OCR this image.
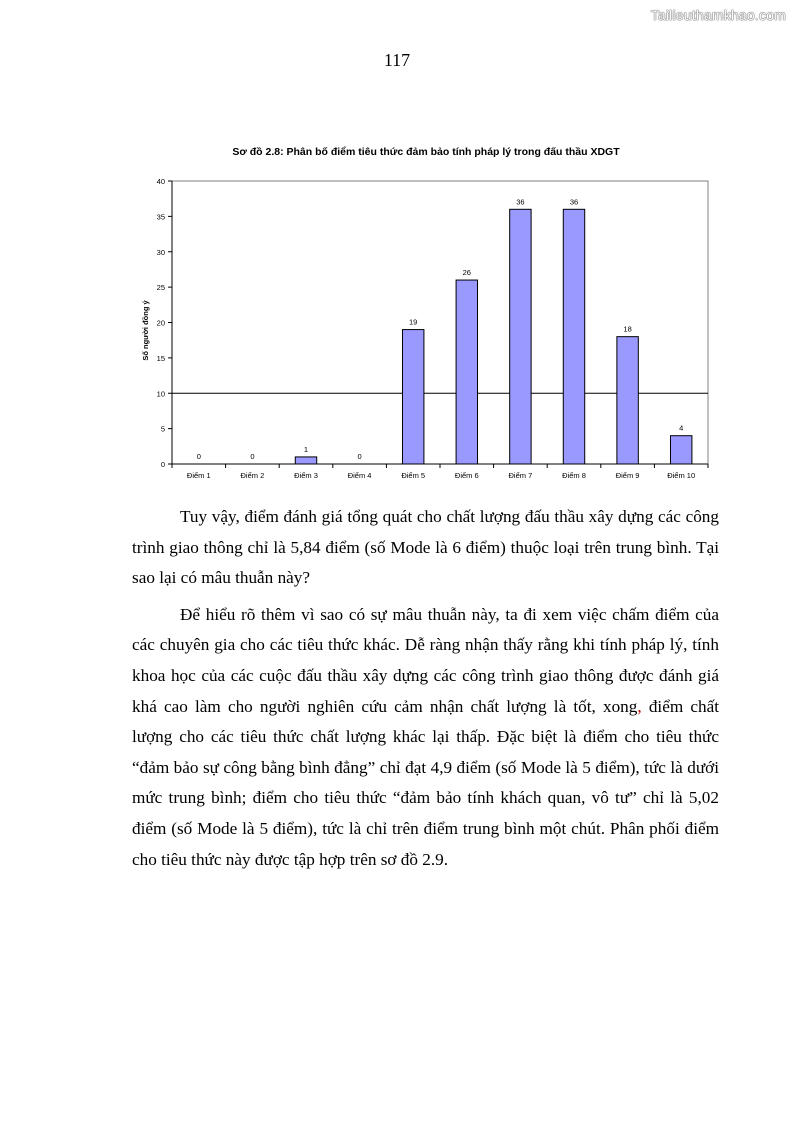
Tailieuthamkhao.com
117
Sơ đồ 2.8: Phân bố điểm tiêu thức đảm bảo tính pháp lý trong đấu thầu XDGT
0
5
10
15
20
25
30
35
40
Số người đồng ý
0
Điểm 1
0
Điểm 2
1
Điểm 3
0
Điểm 4
19
Điểm 5
26
Điểm 6
36
Điểm 7
36
Điểm 8
18
Điểm 9
4
Điểm 10

Tuy vậy, điểm đánh giá tổng quát cho chất lượng đấu thầu xây dựng các công trình giao thông chỉ là 5,84 điểm (số Mode là 6 điểm) thuộc loại trên trung bình. Tại sao lại có mâu thuẫn này?

Để hiểu rõ thêm vì sao có sự mâu thuẫn này, ta đi xem việc chấm điểm của các chuyên gia cho các tiêu thức khác. Dễ ràng nhận thấy rằng khi tính pháp lý, tính khoa học của các cuộc đấu thầu xây dựng các công trình giao thông được đánh giá khá cao làm cho người nghiên cứu cảm nhận chất lượng là tốt, xong, điểm chất lượng cho các tiêu thức chất lượng khác lại thấp. Đặc biệt là điểm cho tiêu thức “đảm bảo sự công bằng bình đẳng” chỉ đạt 4,9 điểm (số Mode là 5 điểm), tức là dưới mức trung bình; điểm cho tiêu thức “đảm bảo tính khách quan, vô tư” chỉ là 5,02 điểm (số Mode là 5 điểm), tức là chỉ trên điểm trung bình một chút. Phân phối điểm cho tiêu thức này được tập hợp trên sơ đồ 2.9.
